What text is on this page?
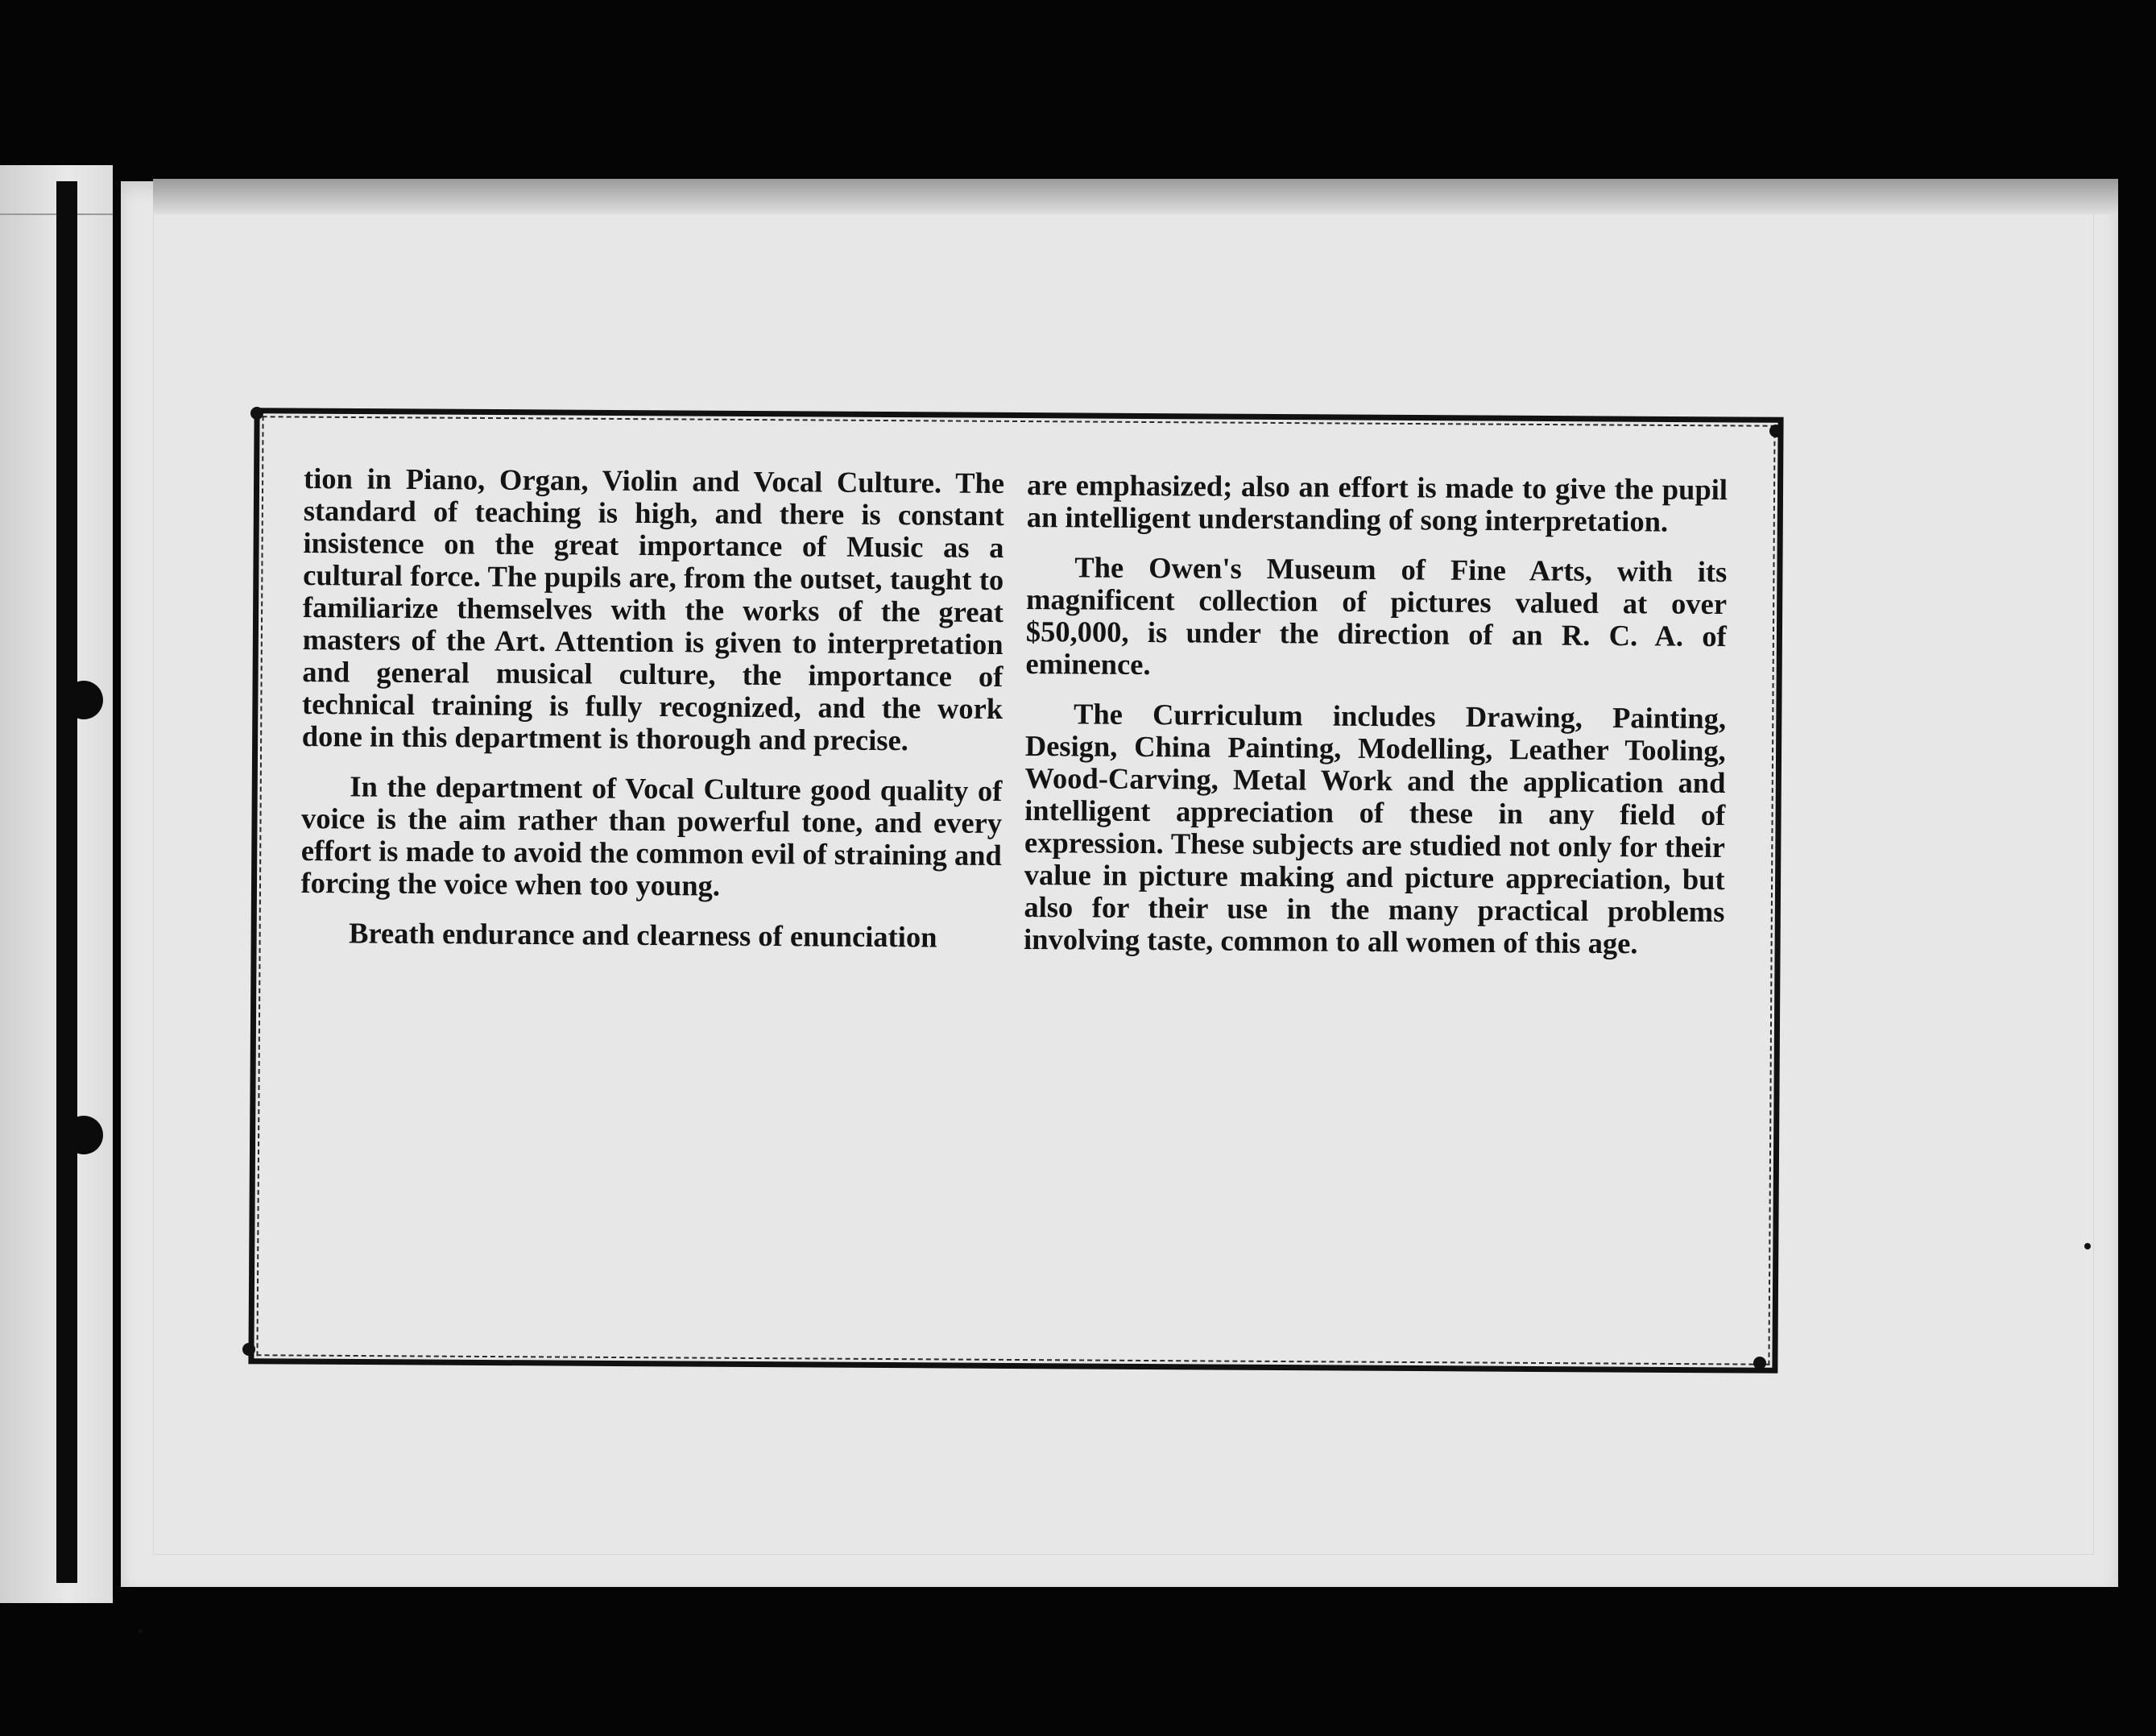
tion in Piano, Organ, Violin and Vocal Culture. The standard of teaching is high, and there is constant insistence on the great importance of Music as a cultural force. The pupils are, from the outset, taught to familiarize themselves with the works of the great masters of the Art. Attention is given to interpretation and general musical culture, the importance of technical training is fully recognized, and the work done in this department is thorough and precise.

In the department of Vocal Culture good quality of voice is the aim rather than powerful tone, and every effort is made to avoid the common evil of straining and forcing the voice when too young.

Breath endurance and clearness of enunciation

are emphasized; also an effort is made to give the pupil an intelligent understanding of song interpretation.

The Owen's Museum of Fine Arts, with its magnificent collection of pictures valued at over $50,000, is under the direction of an R. C. A. of eminence.

The Curriculum includes Drawing, Painting, Design, China Painting, Modelling, Leather Tooling, Wood-Carving, Metal Work and the application and intelligent appreciation of these in any field of expression. These subjects are studied not only for their value in picture making and picture appreciation, but also for their use in the many practical problems involving taste, common to all women of this age.
